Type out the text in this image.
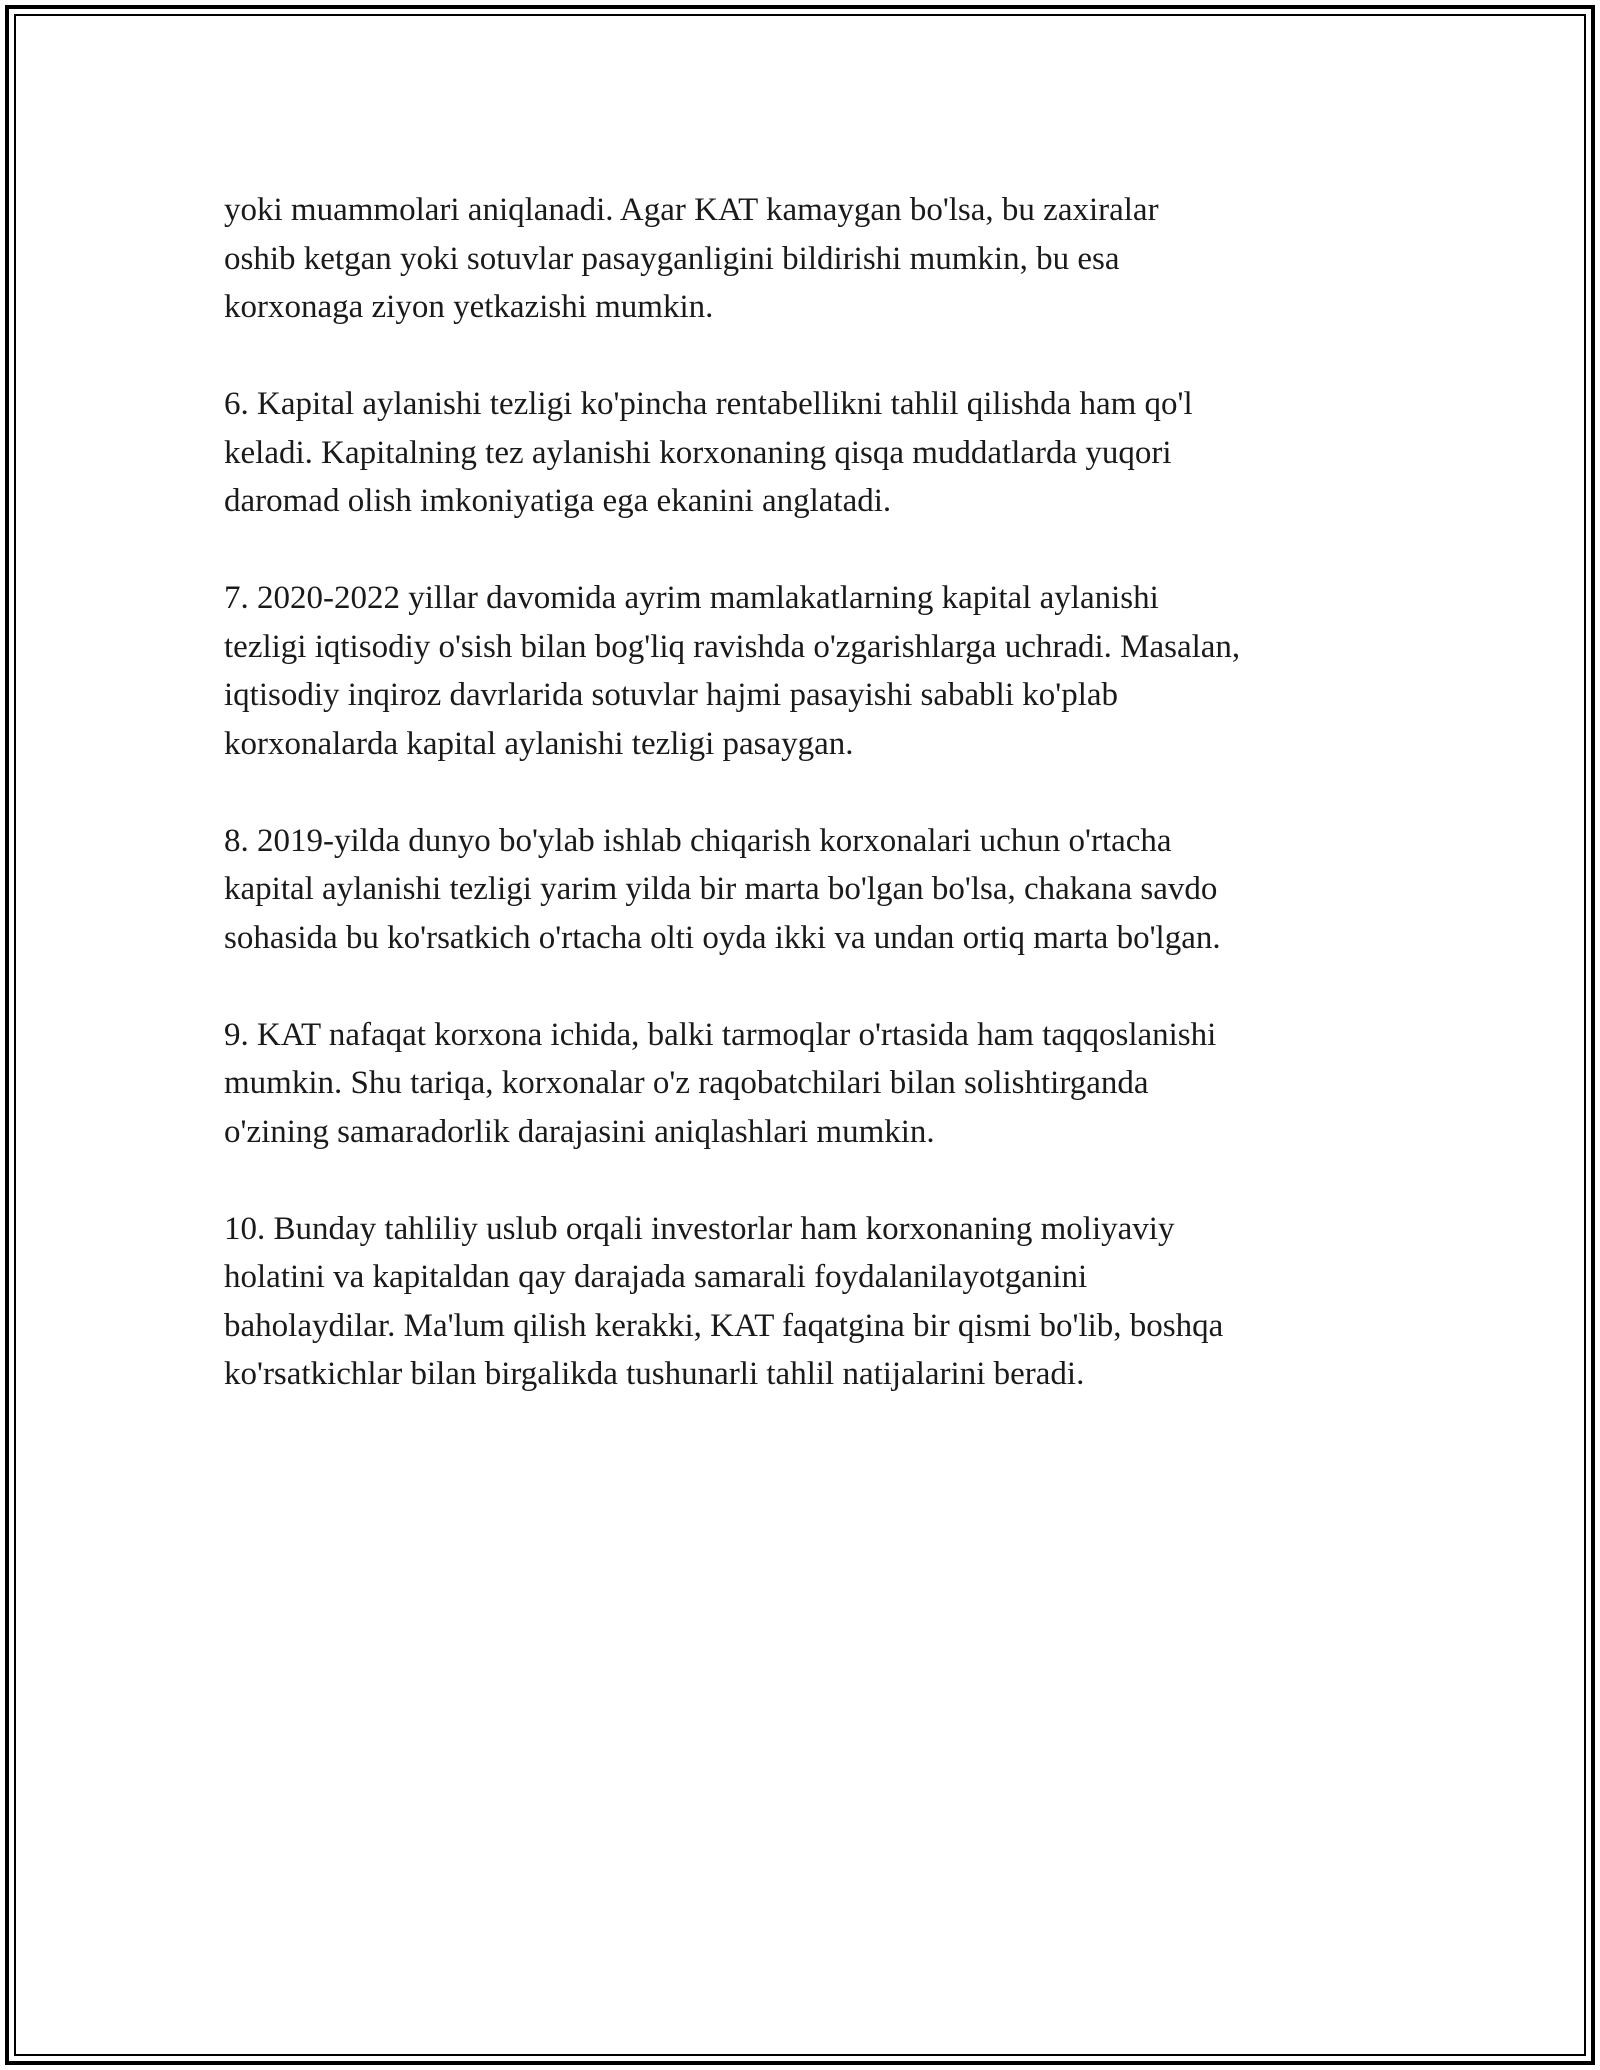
yoki muammolari aniqlanadi. Agar KAT kamaygan bo'lsa, bu zaxiralar
oshib ketgan yoki sotuvlar pasayganligini bildirishi mumkin, bu esa
korxonaga ziyon yetkazishi mumkin.
6. Kapital aylanishi tezligi ko'pincha rentabellikni tahlil qilishda ham qo'l
keladi. Kapitalning tez aylanishi korxonaning qisqa muddatlarda yuqori
daromad olish imkoniyatiga ega ekanini anglatadi.
7. 2020-2022 yillar davomida ayrim mamlakatlarning kapital aylanishi
tezligi iqtisodiy o'sish bilan bog'liq ravishda o'zgarishlarga uchradi. Masalan,
iqtisodiy inqiroz davrlarida sotuvlar hajmi pasayishi sababli ko'plab
korxonalarda kapital aylanishi tezligi pasaygan.
8. 2019-yilda dunyo bo'ylab ishlab chiqarish korxonalari uchun o'rtacha
kapital aylanishi tezligi yarim yilda bir marta bo'lgan bo'lsa, chakana savdo
sohasida bu ko'rsatkich o'rtacha olti oyda ikki va undan ortiq marta bo'lgan.
9. KAT nafaqat korxona ichida, balki tarmoqlar o'rtasida ham taqqoslanishi
mumkin. Shu tariqa, korxonalar o'z raqobatchilari bilan solishtirganda
o'zining samaradorlik darajasini aniqlashlari mumkin.
10. Bunday tahliliy uslub orqali investorlar ham korxonaning moliyaviy
holatini va kapitaldan qay darajada samarali foydalanilayotganini
baholaydilar. Ma'lum qilish kerakki, KAT faqatgina bir qismi bo'lib, boshqa
ko'rsatkichlar bilan birgalikda tushunarli tahlil natijalarini beradi.
